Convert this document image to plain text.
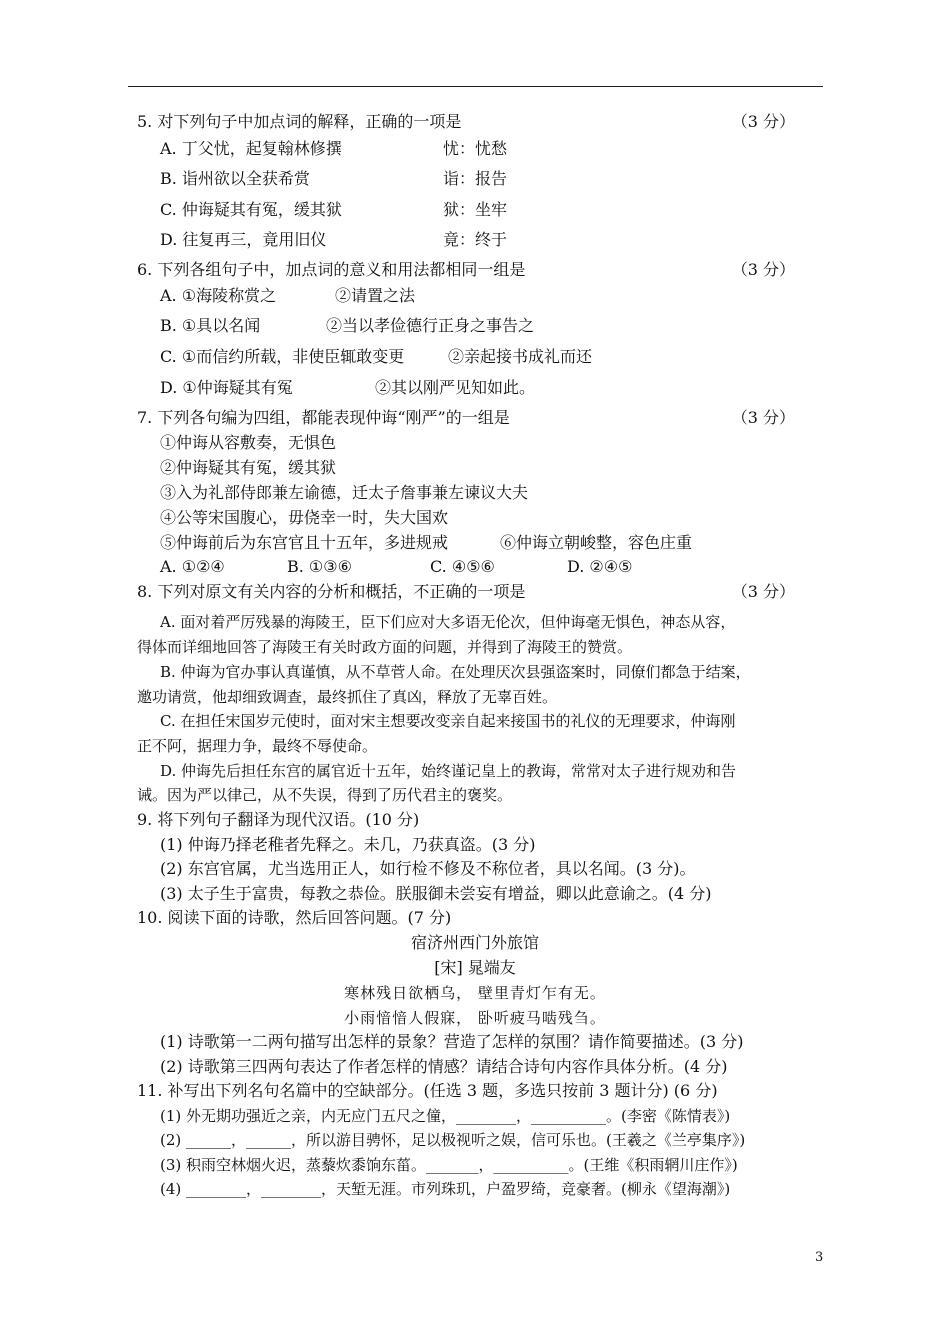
5. 对下列句子中加点词的解释，正确的一项是	（3 分）
A. 丁父忧，起复翰林修撰	忧：忧愁
B. 诣州欲以全获希赏	诣：报告
C. 仲诲疑其有冤，缓其狱	狱：坐牢
D. 往复再三，竟用旧仪	竟：终于
6. 下列各组句子中，加点词的意义和用法都相同一组是	（3 分）
A. ①海陵称赏之	②请置之法
B. ①具以名闻	②当以孝俭德行正身之事告之
C. ①而信约所载，非使臣辄敢变更	②亲起接书成礼而还
D. ①仲诲疑其有冤	②其以刚严见知如此。
7. 下列各句编为四组，都能表现仲诲“刚严”的一组是	（3 分）
①仲诲从容敷奏，无惧色
②仲诲疑其有冤，缓其狱
③入为礼部侍郎兼左谕德，迁太子詹事兼左谏议大夫
④公等宋国腹心，毋侥幸一时，失大国欢
⑤仲诲前后为东宫官且十五年，多进规戒	⑥仲诲立朝峻整，容色庄重
A. ①②④	B. ①③⑥	C. ④⑤⑥	D. ②④⑤
8. 下列对原文有关内容的分析和概括，不正确的一项是	（3 分）
A. 面对着严厉残暴的海陵王，臣下们应对大多语无伦次，但仲诲毫无惧色，神态从容，
得体而详细地回答了海陵王有关时政方面的问题，并得到了海陵王的赞赏。
B. 仲诲为官办事认真谨慎，从不草菅人命。在处理厌次县强盗案时，同僚们都急于结案，
邀功请赏，他却细致调查，最终抓住了真凶，释放了无辜百姓。
C. 在担任宋国岁元使时，面对宋主想要改变亲自起来接国书的礼仪的无理要求，仲诲刚
正不阿，据理力争，最终不辱使命。
D. 仲诲先后担任东宫的属官近十五年，始终谨记皇上的教诲，常常对太子进行规劝和告
诫。因为严以律己，从不失误，得到了历代君主的褒奖。
9. 将下列句子翻译为现代汉语。(10 分)
(1) 仲诲乃择老稚者先释之。未几，乃获真盗。(3 分)
(2) 东宫官属，尤当选用正人，如行检不修及不称位者，具以名闻。(3 分)。
(3) 太子生于富贵，每教之恭俭。朕服御未尝妄有增益，卿以此意谕之。(4 分)
10. 阅读下面的诗歌，然后回答问题。(7 分)
宿济州西门外旅馆
[宋] 晁端友
寒林残日欲栖乌， 壁里青灯乍有无。
小雨愔愔人假寐， 卧听疲马啮残刍。
(1) 诗歌第一二两句描写出怎样的景象？营造了怎样的氛围？请作简要描述。(3 分)
(2) 诗歌第三四两句表达了作者怎样的情感？请结合诗句内容作具体分析。(4 分)
11. 补写出下列名句名篇中的空缺部分。(任选 3 题，多选只按前 3 题计分) (6 分)
(1) 外无期功强近之亲，内无应门五尺之僮，________，__________。(李密《陈情表》)
(2) ______，______，所以游目骋怀，足以极视听之娱，信可乐也。(王羲之《兰亭集序》)
(3) 积雨空林烟火迟，蒸藜炊黍饷东菑。_______，__________。(王维《积雨辋川庄作》)
(4) ________，________，天堑无涯。市列珠玑，户盈罗绮，竞豪奢。(柳永《望海潮》)
3
